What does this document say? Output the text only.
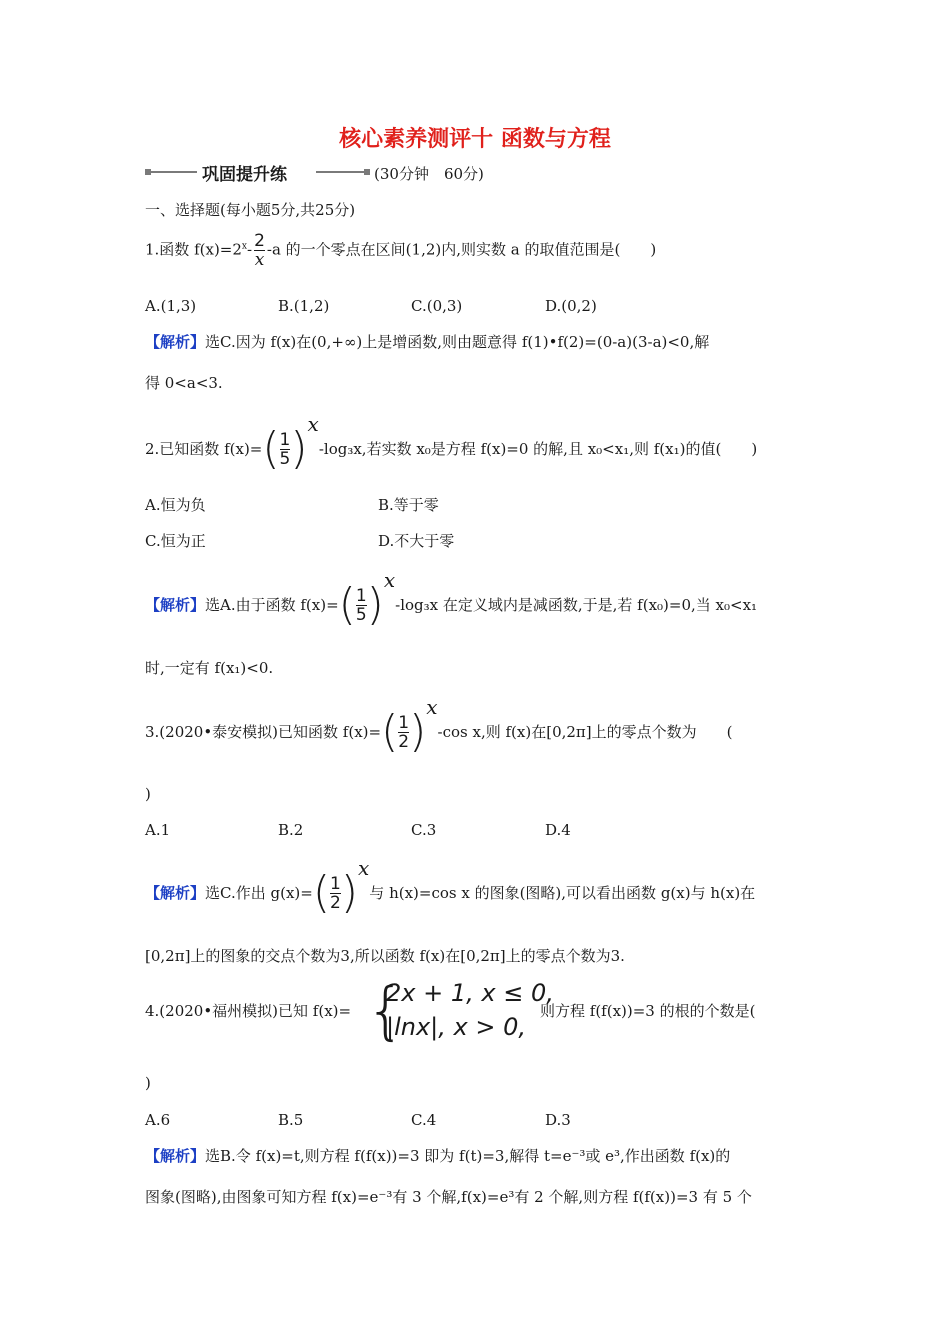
核心素养测评十 函数与方程
巩固提升练	(30分钟　60分)
一、选择题(每小题5分,共25分)
1.函数 $f(x)=2^x- \frac{2}{x} -a$ 的一个零点在区间(1,2)内,则实数 a 的取值范围是(　　)
A.(1,3)	B.(1,2)	C.(0,3)	D.(0,2)
【解析】选C.因为 f(x)在(0,+∞)上是增函数,则由题意得 f(1)•f(2)=(0-a)(3-a)<0,解
得 0<a<3.
2.已知函数 $f(x)=( \frac{1}{5} )x-\log_3x$,若实数 x₀是方程 f(x)=0 的解,且 x₀<x₁,则 f(x₁)的值(　　)
A.恒为负	B.等于零
C.恒为正	D.不大于零
【解析】选A.由于函数 $f(x)=( \frac{1}{5} )x-\log_3x$ 在定义域内是减函数,于是,若 f(x₀)=0,当 x₀<x₁
时,一定有 f(x₁)<0.
3.(2020•泰安模拟)已知函数 $f(x)=( \frac{1}{2} )x-\cos$ x,则 f(x)在[0,2π]上的零点个数为　　(
)
A.1	B.2	C.3	D.4
【解析】选C.作出 $g(x)=( \frac{1}{2} )x$与 h(x)=cos x 的图象(图略),可以看出函数 g(x)与 h(x)在
[0,2π]上的图象的交点个数为3,所以函数 f(x)在[0,2π]上的零点个数为3.
4.(2020•福州模拟)已知 f(x)= {
2x + 1, x ≤ 0,
|lnx|, x > 0,
则方程 f(f(x))=3 的根的个数是(
)
A.6	B.5	C.4	D.3
【解析】选B.令 f(x)=t,则方程 f(f(x))=3 即为 f(t)=3,解得 t=e⁻³或 e³,作出函数 f(x)的
图象(图略),由图象可知方程 f(x)=e⁻³有 3 个解,f(x)=e³有 2 个解,则方程 f(f(x))=3 有 5 个
